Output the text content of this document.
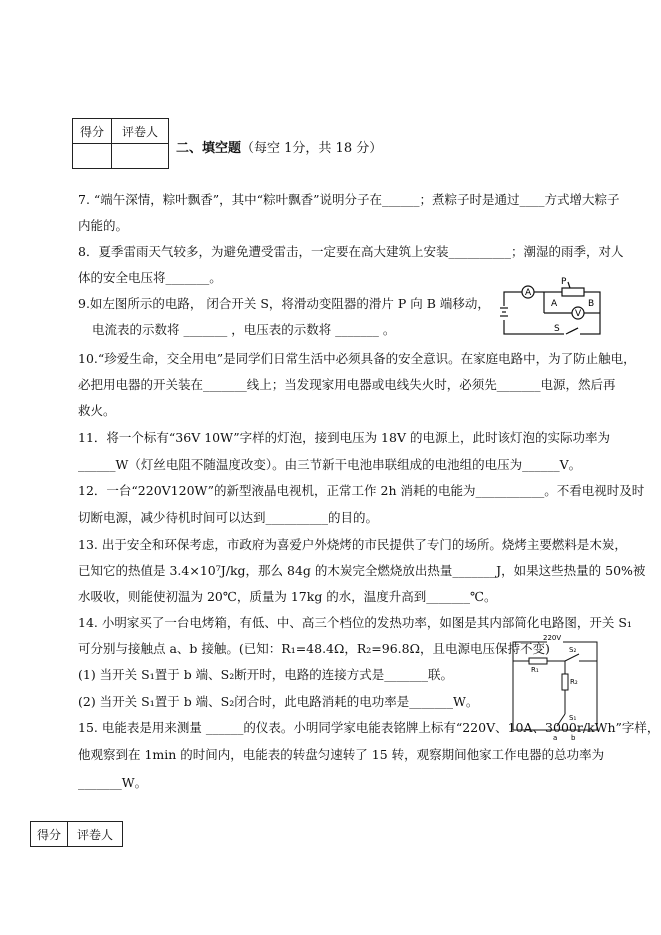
得分	评卷人

二、填空题（每空 1分，共 18 分）
7. “端午深情，粽叶飘香”，其中“粽叶飘香”说明分子在______；煮粽子时是通过____方式增大粽子
内能的。
8．夏季雷雨天气较多，为避免遭受雷击，一定要在高大建筑上安装__________；潮湿的雨季，对人
体的安全电压将_______。
9.如左图所示的电路， 闭合开关 S，将滑动变阻器的滑片 P 向 B 端移动，
电流表的示数将 _______ ，电压表的示数将 _______ 。
10.“珍爱生命，交全用电”是同学们日常生活中必须具备的安全意识。在家庭电路中，为了防止触电，
必把用电器的开关装在_______线上；当发现家用电器或电线失火时，必须先_______电源，然后再
救火。
11．将一个标有“36V 10W”字样的灯泡，接到电压为 18V 的电源上，此时该灯泡的实际功率为
______W（灯丝电阻不随温度改变）。由三节新干电池串联组成的电池组的电压为______V。
12．一台“220V120W”的新型液晶电视机，正常工作 2h 消耗的电能为___________。不看电视时及时
切断电源，减少待机时间可以达到__________的目的。
13. 出于安全和环保考虑，市政府为喜爱户外烧烤的市民提供了专门的场所。烧烤主要燃料是木炭，
已知它的热值是 3.4×10⁷J/kg，那么 84g 的木炭完全燃烧放出热量_______J，如果这些热量的 50%被
水吸收，则能使初温为 20℃，质量为 17kg 的水，温度升高到_______℃。
14. 小明家买了一台电烤箱，有低、中、高三个档位的发热功率，如图是其内部简化电路图，开关 S₁
可分别与接触点 a、b 接触。(已知：R₁=48.4Ω，R₂=96.8Ω，且电源电压保持不变)
(1) 当开关 S₁置于 b 端、S₂断开时，电路的连接方式是_______联。
(2) 当开关 S₁置于 b 端、S₂闭合时，此电路消耗的电功率是_______W。
15. 电能表是用来测量 ______的仪表。小明同学家电能表铭牌上标有“220V、10A、3000r/kWh”字样，
他观察到在 1min 的时间内，电能表的转盘匀速转了 15 转，观察期间他家工作电器的总功率为
_______W。
A
V
P
A	B
S
220V
R₁
R₂
S₂
S₁
a b
得分	评卷人
